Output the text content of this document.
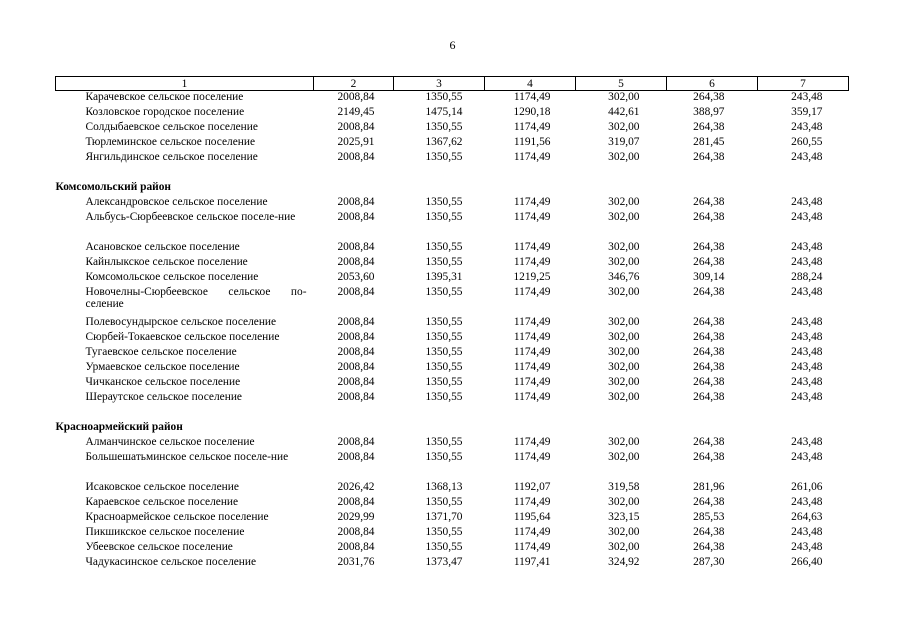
6
1	2	3	4	5	6	7
Карачевское сельское поселение	2008,84	1350,55	1174,49	302,00	264,38	243,48
Козловское городское поселение	2149,45	1475,14	1290,18	442,61	388,97	359,17
Солдыбаевское сельское поселение	2008,84	1350,55	1174,49	302,00	264,38	243,48
Тюрлеминское сельское поселение	2025,91	1367,62	1191,56	319,07	281,45	260,55
Янгильдинское сельское поселение	2008,84	1350,55	1174,49	302,00	264,38	243,48

Комсомольский район						
Александровское сельское поселение	2008,84	1350,55	1174,49	302,00	264,38	243,48
Альбусь-Сюрбеевское сельское поселе-ние	2008,84	1350,55	1174,49	302,00	264,38	243,48
Асановское сельское поселение	2008,84	1350,55	1174,49	302,00	264,38	243,48
Кайнлыкское сельское поселение	2008,84	1350,55	1174,49	302,00	264,38	243,48
Комсомольское сельское поселение	2053,60	1395,31	1219,25	346,76	309,14	288,24
Новочелны-Сюрбеевское сельское по-селение	2008,84	1350,55	1174,49	302,00	264,38	243,48
Полевосундырское сельское поселение	2008,84	1350,55	1174,49	302,00	264,38	243,48
Сюрбей-Токаевское сельское поселение	2008,84	1350,55	1174,49	302,00	264,38	243,48
Тугаевское сельское поселение	2008,84	1350,55	1174,49	302,00	264,38	243,48
Урмаевское сельское поселение	2008,84	1350,55	1174,49	302,00	264,38	243,48
Чичканское сельское поселение	2008,84	1350,55	1174,49	302,00	264,38	243,48
Шераутское сельское поселение	2008,84	1350,55	1174,49	302,00	264,38	243,48

Красноармейский район						
Алманчинское сельское поселение	2008,84	1350,55	1174,49	302,00	264,38	243,48
Большешатьминское сельское поселе-ние	2008,84	1350,55	1174,49	302,00	264,38	243,48
Исаковское сельское поселение	2026,42	1368,13	1192,07	319,58	281,96	261,06
Караевское сельское поселение	2008,84	1350,55	1174,49	302,00	264,38	243,48
Красноармейское сельское поселение	2029,99	1371,70	1195,64	323,15	285,53	264,63
Пикшикское сельское поселение	2008,84	1350,55	1174,49	302,00	264,38	243,48
Убеевское сельское поселение	2008,84	1350,55	1174,49	302,00	264,38	243,48
Чадукасинское сельское поселение	2031,76	1373,47	1197,41	324,92	287,30	266,40
